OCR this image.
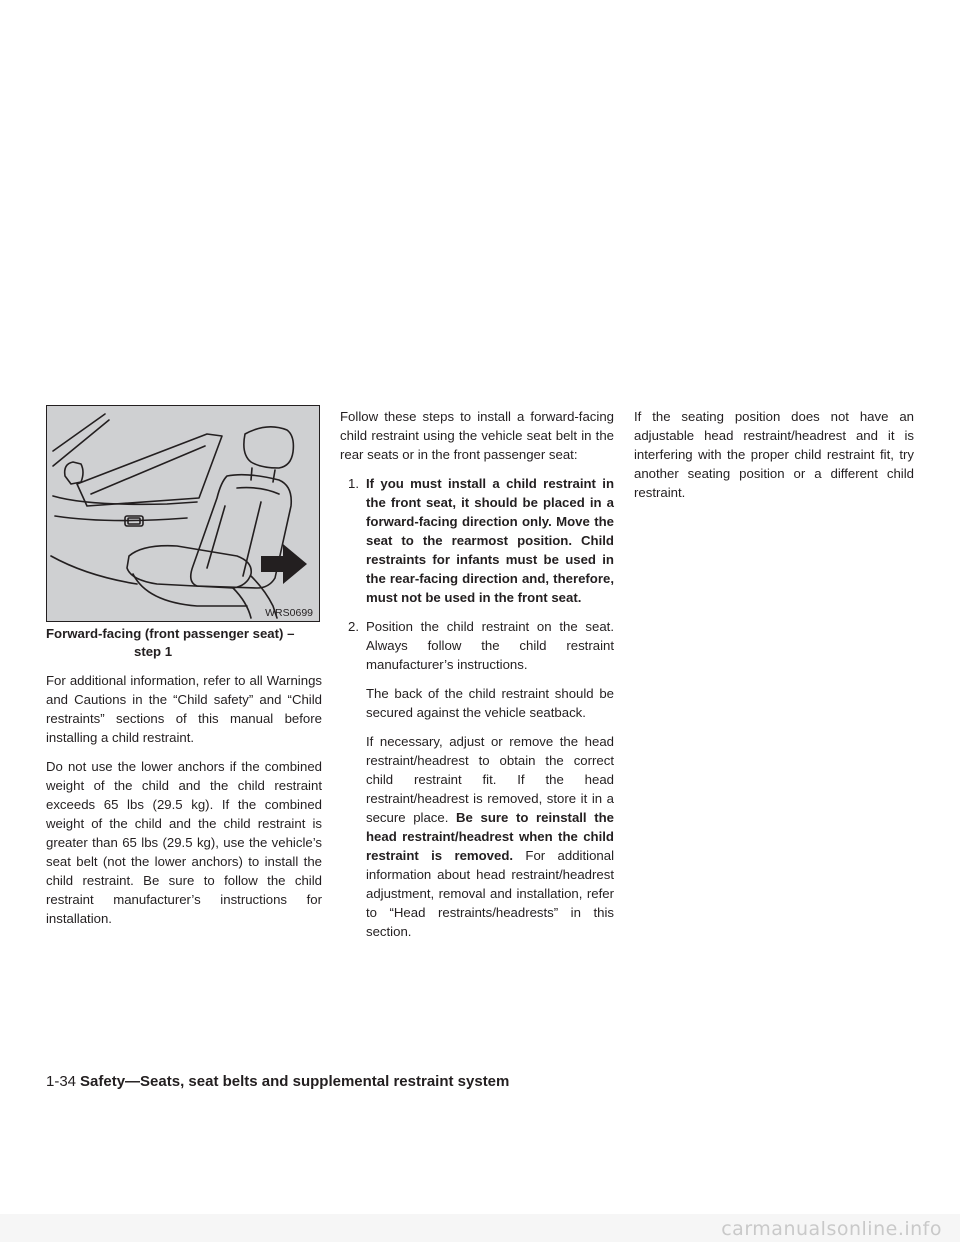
WRS0699
Forward-facing (front passenger seat) –
step 1

For additional information, refer to all Warnings and Cautions in the “Child safety” and “Child restraints” sections of this manual before installing a child restraint.

Do not use the lower anchors if the combined weight of the child and the child restraint exceeds 65 lbs (29.5 kg). If the combined weight of the child and the child restraint is greater than 65 lbs (29.5 kg), use the vehicle’s seat belt (not the lower anchors) to install the child restraint. Be sure to follow the child restraint manufacturer’s instructions for installation.

Follow these steps to install a forward-facing child restraint using the vehicle seat belt in the rear seats or in the front passenger seat:

1. If you must install a child restraint in the front seat, it should be placed in a forward-facing direction only. Move the seat to the rearmost position. Child restraints for infants must be used in the rear-facing direction and, therefore, must not be used in the front seat.

2. Position the child restraint on the seat. Always follow the child restraint manufacturer’s instructions.

The back of the child restraint should be secured against the vehicle seatback.

If necessary, adjust or remove the head restraint/headrest to obtain the correct child restraint fit. If the head restraint/headrest is removed, store it in a secure place. Be sure to reinstall the head restraint/headrest when the child restraint is removed. For additional information about head restraint/headrest adjustment, removal and installation, refer to “Head restraints/headrests” in this section.

If the seating position does not have an adjustable head restraint/headrest and it is interfering with the proper child restraint fit, try another seating position or a different child restraint.

1-34 Safety—Seats, seat belts and supplemental restraint system
carmanualsonline.info
